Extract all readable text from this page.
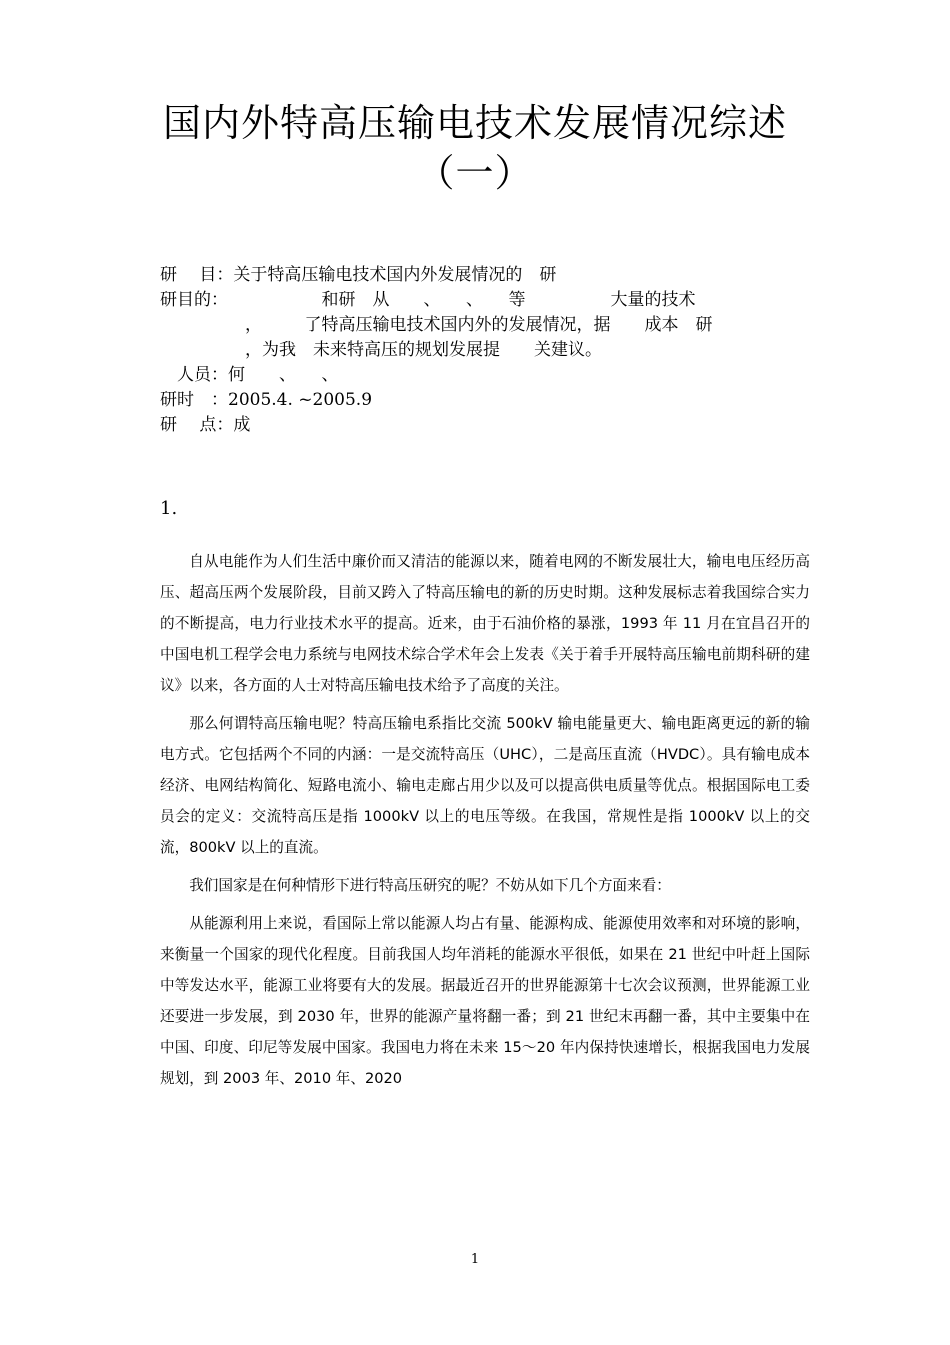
国内外特高压输电技术发展情况综述
（一）
研　 目：关于特高压输电技术国内外发展情况的　研
研目的：　　　　　　和研　从　　、　　、　　等　　　　　大量的技术
　　　　　，　　　了特高压输电技术国内外的发展情况，据　　成本　研
　　　　　，为我　未来特高压的规划发展提　　关建议。
　人员：何　　、　　、
研时　：2005.4. ~2005.9
研　 点：成
1.

自从电能作为人们生活中廉价而又清洁的能源以来，随着电网的不断发展壮大，输电电压经历高压、超高压两个发展阶段，目前又跨入了特高压输电的新的历史时期。这种发展标志着我国综合实力的不断提高，电力行业技术水平的提高。近来，由于石油价格的暴涨，1993 年 11 月在宜昌召开的中国电机工程学会电力系统与电网技术综合学术年会上发表《关于着手开展特高压输电前期科研的建议》以来，各方面的人士对特高压输电技术给予了高度的关注。

那么何谓特高压输电呢？特高压输电系指比交流 500kV 输电能量更大、输电距离更远的新的输电方式。它包括两个不同的内涵：一是交流特高压（UHC），二是高压直流（HVDC）。具有输电成本经济、电网结构简化、短路电流小、输电走廊占用少以及可以提高供电质量等优点。根据国际电工委员会的定义：交流特高压是指 1000kV 以上的电压等级。在我国，常规性是指 1000kV 以上的交流，800kV 以上的直流。

我们国家是在何种情形下进行特高压研究的呢？不妨从如下几个方面来看：

从能源利用上来说，看国际上常以能源人均占有量、能源构成、能源使用效率和对环境的影响，来衡量一个国家的现代化程度。目前我国人均年消耗的能源水平很低，如果在 21 世纪中叶赶上国际中等发达水平，能源工业将要有大的发展。据最近召开的世界能源第十七次会议预测，世界能源工业还要进一步发展，到 2030 年，世界的能源产量将翻一番；到 21 世纪末再翻一番，其中主要集中在中国、印度、印尼等发展中国家。我国电力将在未来 15～20 年内保持快速增长，根据我国电力发展规划，到 2003 年、2010 年、2020

1
